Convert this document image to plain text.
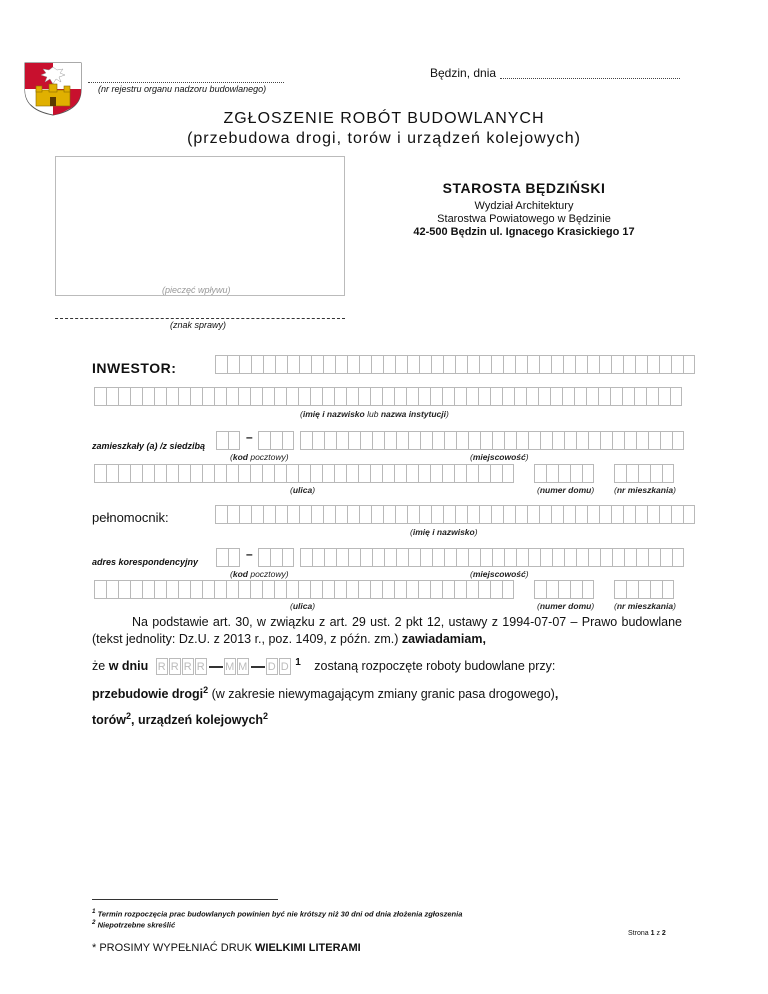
(nr rejestru organu nadzoru budowlanego)
Będzin, dnia
ZGŁOSZENIE ROBÓT BUDOWLANYCH
(przebudowa drogi, torów i urządzeń kolejowych)
(pieczęć wpływu)
(znak sprawy)
STAROSTA BĘDZIŃSKI
Wydział Architektury
Starostwa Powiatowego w Będzinie
42-500 Będzin ul. Ignacego Krasickiego 17
INWESTOR:
(imię i nazwisko lub nazwa instytucji)
zamieszkały (a) /z siedzibą
–
(kod pocztowy)	(miejscowość)
(ulica)	(numer domu) (nr mieszkania)
pełnomocnik:
(imię i nazwisko)
adres korespondencyjny
–
(kod pocztowy)	(miejscowość)
(ulica)	(numer domu) (nr mieszkania)
Na podstawie art. 30, w związku z art. 29 ust. 2 pkt 12, ustawy z 1994-07-07 – Prawo budowlane (tekst jednolity: Dz.U. z 2013 r., poz. 1409, z późn. zm.) zawiadamiam,
że w dniu R R R R M M D D $^1$ zostaną rozpoczęte roboty budowlane przy:
przebudowie drogi$^2$ (w zakresie niewymagającym zmiany granic pasa drogowego),
torów$^2$, urządzeń kolejowych$^2$
$^1$ Termin rozpoczęcia prac budowlanych powinien być nie krótszy niż 30 dni od dnia złożenia zgłoszenia
$^2$ Niepotrzebne skreślić
Strona 1 z 2
* PROSIMY WYPEŁNIAĆ DRUK WIELKIMI LITERAMI
